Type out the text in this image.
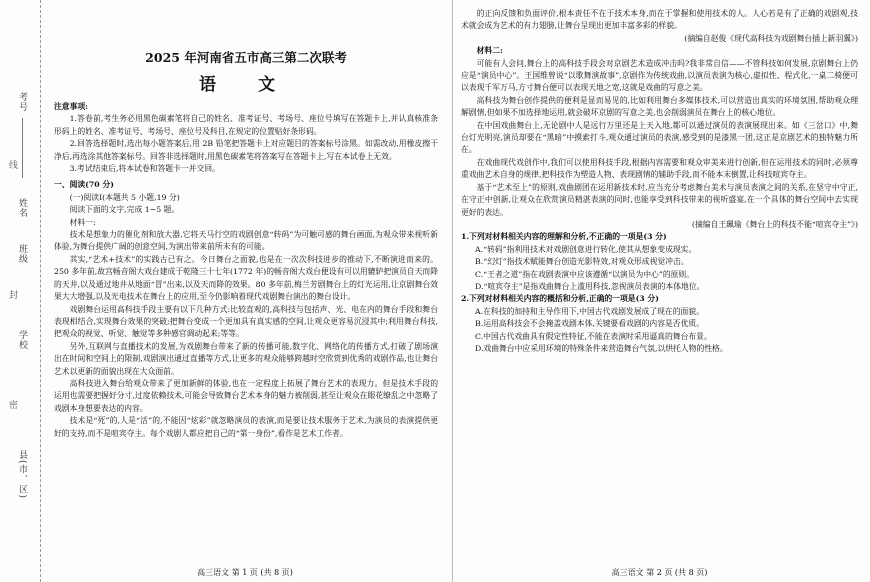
考号
线
姓名
班级
封
学校
密
县(市、区)
2025 年河南省五市高三第二次联考
语 文

注意事项:

1.答卷前,考生务必用黑色碳素笔将自己的姓名、准考证号、考场号、座位号填写在答题卡上,并认真核准条形码上的姓名、准考证号、考场号、座位号及科目,在规定的位置贴好条形码。

2.回答选择题时,选出每小题答案后,用 2B 铅笔把答题卡上对应题目的答案标号涂黑。如需改动,用橡皮擦干净后,再选涂其他答案标号。回答非选择题时,用黑色碳素笔将答案写在答题卡上,写在本试卷上无效。

3.考试结束后,将本试卷和答题卡一并交回。

一、阅读(70 分)

(一)阅读Ⅰ(本题共 5 小题,19 分)

阅读下面的文字,完成 1~5 题。

材料一:

技术是想象力的催化剂和放大器,它将天马行空的戏剧创意“转码”为可触可感的舞台画面,为观众带来视听新体验,为舞台提供广阔的创意空间,为演出带来前所未有的可能。

其实,“艺术+技术”的实践古已有之。今日舞台之面貌,也是在一次次科技进步的推动下,不断演进而来的。250 多年前,故宫畅音阁大戏台建成于乾隆三十七年(1772 年)的畅音阁大戏台便设有可以用辘轳把演员自天而降的天井,以及通过地井从地面“冒”出来,以及天而降的效果。80 多年前,梅兰芳剧舞台上的灯光运用,让京剧舞台效果大大增强,以及光电技术在舞台上的应用,至今仍影响着现代戏剧舞台演出的舞台设计。

戏剧舞台运用高科技手段主要有以下几种方式:比较直观的,高科技与包括声、光、电在内的舞台手段和舞台表现相结合,实现舞台效果的突破;把舞台变成一个更加具有真实感的空间,让观众更容易沉浸其中;利用舞台科技,把观众的视觉、听觉、触觉等多种感官调动起来;等等。

另外,互联网与直播技术的发展,为戏剧舞台带来了新的传播可能,数字化、网络化的传播方式,打破了剧场演出在时间和空间上的限制,戏剧演出通过直播等方式,让更多的观众能够跨越时空欣赏到优秀的戏剧作品,也让舞台艺术以更新的面貌出现在大众面前。

高科技进入舞台给观众带来了更加新鲜的体验,也在一定程度上拓展了舞台艺术的表现力。但是技术手段的运用也需要把握好分寸,过度依赖技术,可能会导致舞台艺术本身的魅力被削弱,甚至让观众在眼花缭乱之中忽略了戏剧本身想要表达的内容。

技术是“死”的,人是“活”的,不能因“炫彩”就忽略演员的表演,而是要让技术服务于艺术,为演员的表演提供更好的支持,而不是喧宾夺主。每个戏剧人都应把自己的“第一身份”,看作是艺术工作者。

高三语文 第 1 页 (共 8 页)

的正向反馈和负面评价,根本责任不在于技术本身,而在于掌握和使用技术的人。人心若是有了正确的戏剧观,技术就会成为艺术的有力翅膀,让舞台呈现出更加丰富多彩的样貌。

(摘编自赵俊《现代高科技为戏剧舞台插上新羽翼》)

材料二:

可能有人会问,舞台上的高科技手段会对京剧艺术造成冲击吗?我非常自信——不管科技如何发展,京剧舞台上仍应是“演员中心”。王国维曾说“以歌舞演故事”,京剧作为传统戏曲,以演员表演为核心,虚拟性、程式化,一桌二椅便可以表现千军万马,方寸舞台便可以表现天地之宽,这就是戏曲的写意之美。

高科技为舞台创作提供的便利是显而易见的,比如利用舞台多媒体技术,可以营造出真实的环境氛围,帮助观众理解剧情,但如果不加选择地运用,就会破坏京剧的写意之美,也会削弱演员在舞台上的核心地位。

在中国戏曲舞台上,无论剧中人是远行万里还是上天入地,都可以通过演员的表演展现出来。如《三岔口》中,舞台灯光明亮,演员却要在“黑暗”中摸索打斗,观众通过演员的表演,感受到的是漆黑一团,这正是京剧艺术的独特魅力所在。

在戏曲现代戏创作中,我们可以使用科技手段,根据内容需要和观众审美来进行创新,但在运用技术的同时,必须尊重戏曲艺术自身的规律,把科技作为塑造人物、表现剧情的辅助手段,而不能本末倒置,让科技喧宾夺主。

基于“艺术至上”的原则,戏曲剧团在运用新技术时,应当充分考虑舞台美术与演员表演之间的关系,在坚守中守正,在守正中创新,让观众在欣赏演员精湛表演的同时,也能享受到科技带来的视听盛宴,在一个具体的舞台空间中去实现更好的表达。

(摘编自王珮瑜《舞台上的科技不能“喧宾夺主”》)

1.下列对材料相关内容的理解和分析,不正确的一项是(3 分)

A.“转码”指利用技术对戏剧创意进行转化,使其从想象变成现实。

B.“幻灯”指技术赋能舞台创造光影特效,对观众形成视觉冲击。

C.“王者之道”指在戏剧表演中应该遵循“以演员为中心”的原则。

D.“喧宾夺主”是指戏曲舞台上滥用科技,忽视演员表演的本体地位。

2.下列对材料相关内容的概括和分析,正确的一项是(3 分)

A.在科技的加持和主导作用下,中国古代戏剧发展成了现在的面貌。

B.运用高科技会不会掩盖戏剧本体,关键要看戏剧的内容是否优质。

C.中国古代戏曲具有假定性特征,不能在表演时采用逼真的舞台布景。

D.戏曲舞台中应采用环境的特殊条件来营造舞台气氛,以烘托人物的性格。

高三语文 第 2 页 (共 8 页)
